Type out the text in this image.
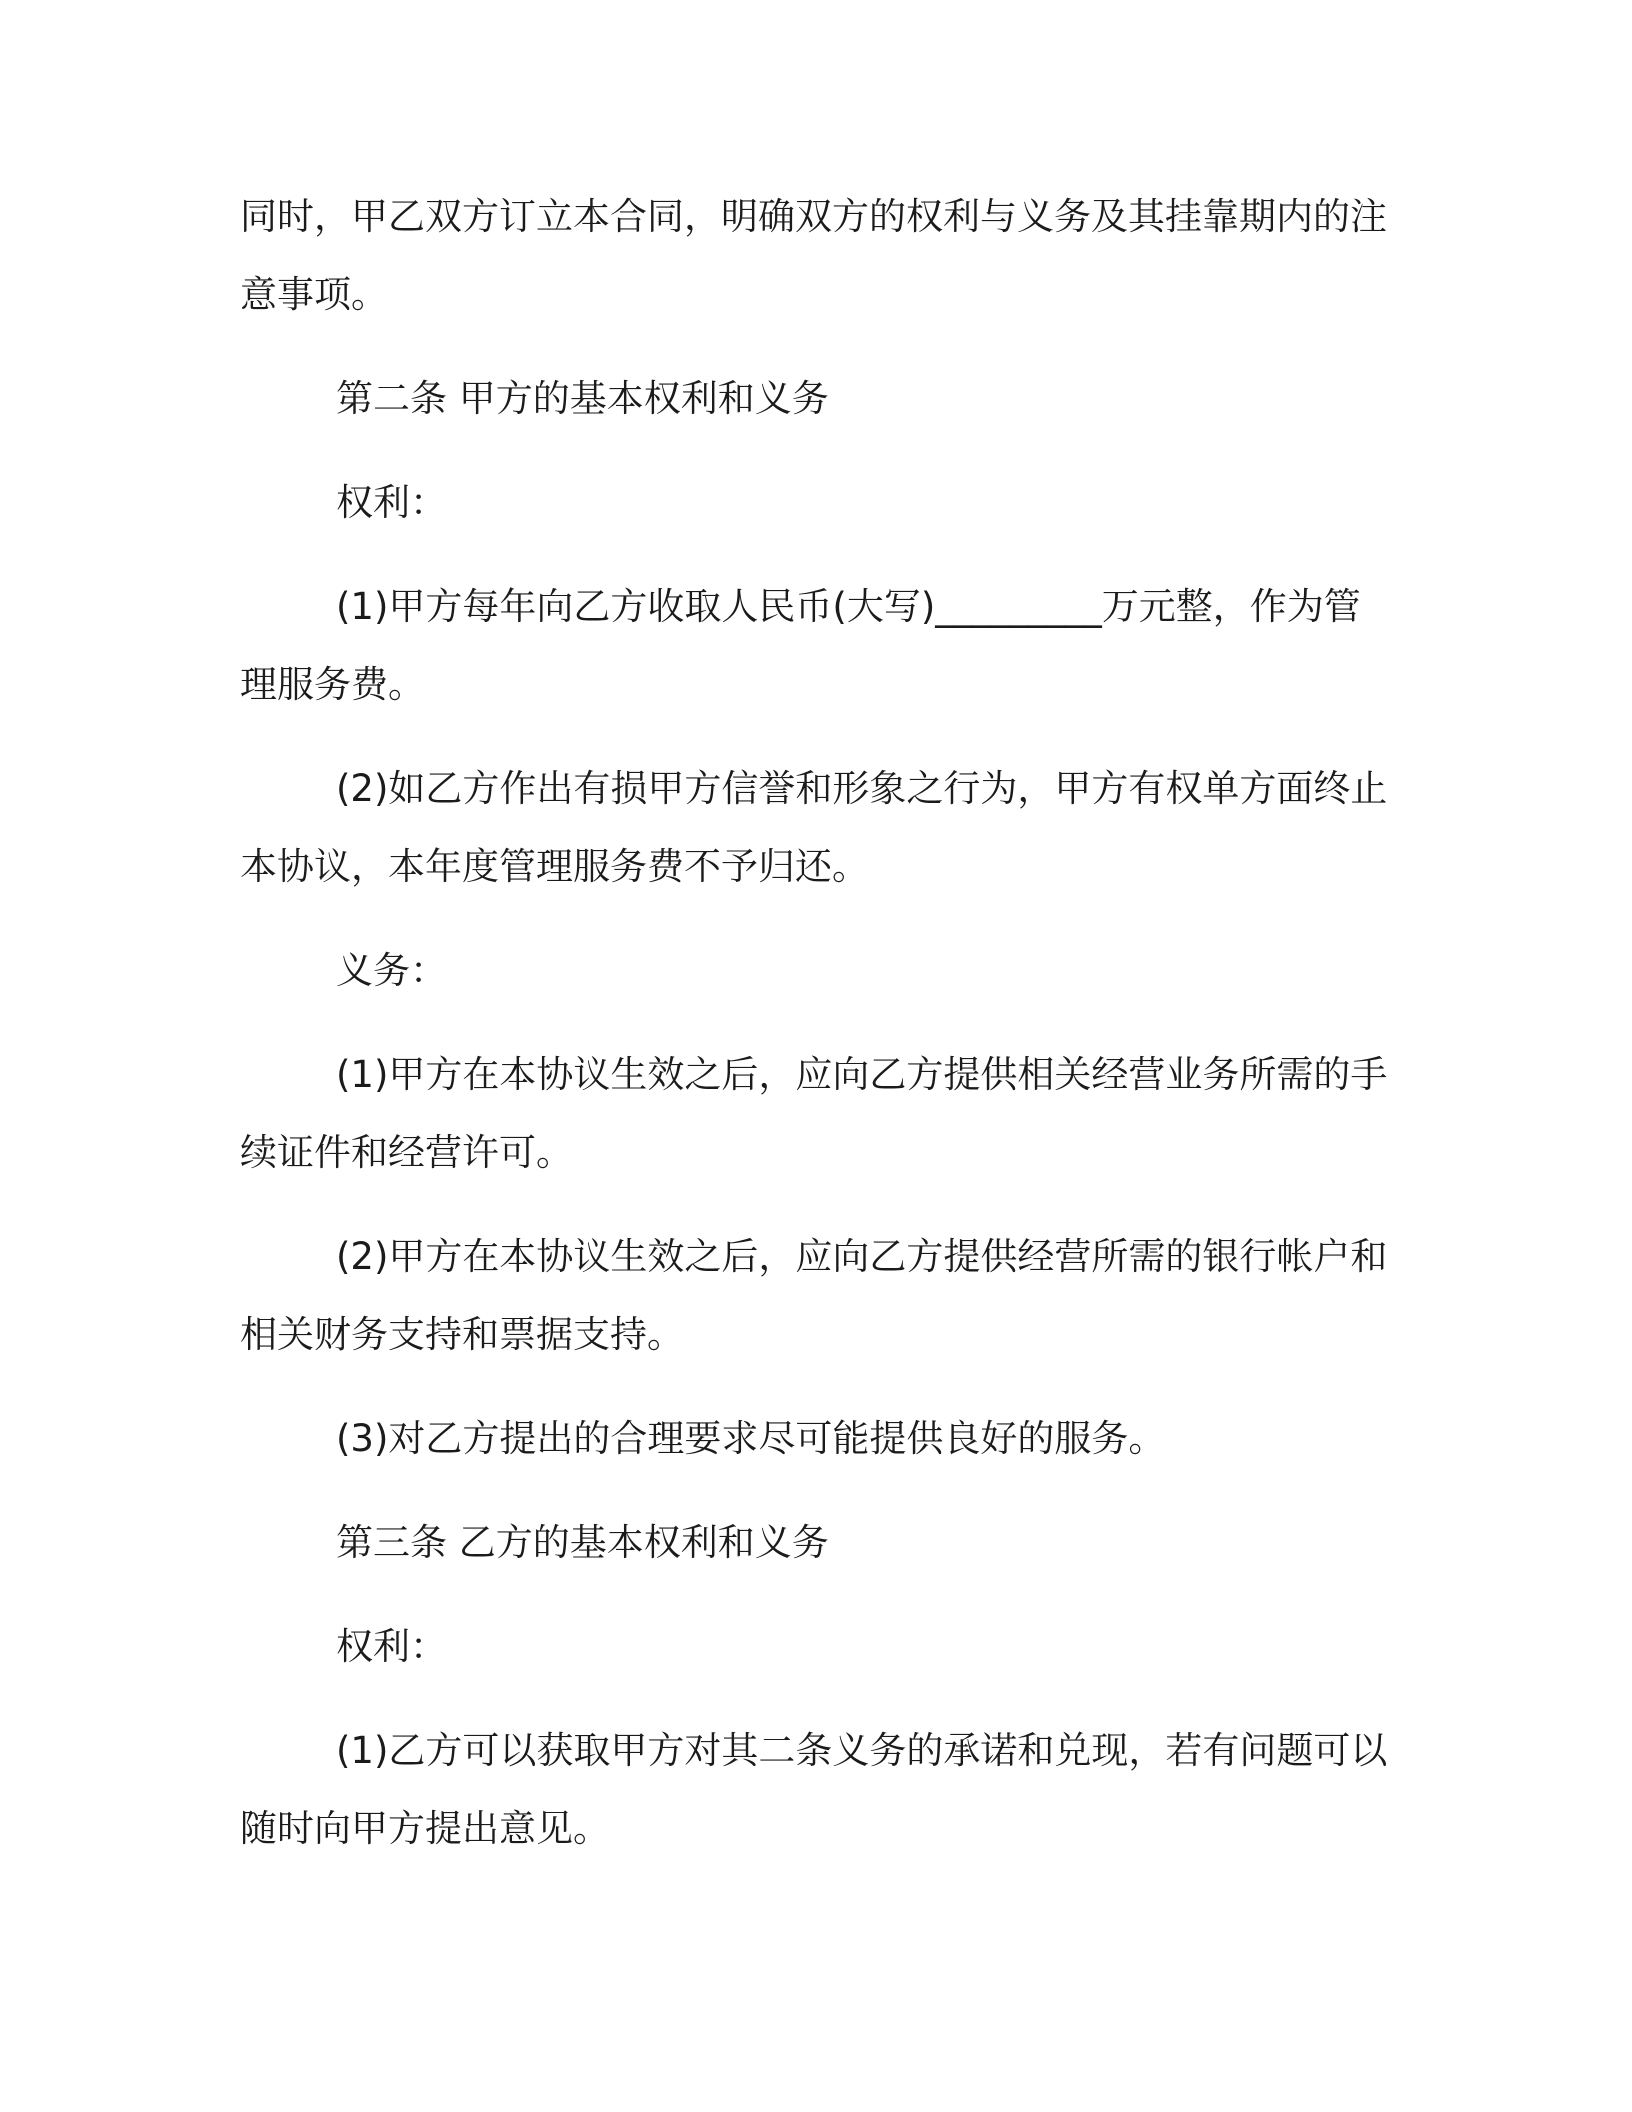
同时，甲乙双方订立本合同，明确双方的权利与义务及其挂靠期内的注意事项。

第二条 甲方的基本权利和义务

权利：

(1)甲方每年向乙方收取人民币(大写)_________万元整，作为管理服务费。

(2)如乙方作出有损甲方信誉和形象之行为，甲方有权单方面终止本协议，本年度管理服务费不予归还。

义务：

(1)甲方在本协议生效之后，应向乙方提供相关经营业务所需的手续证件和经营许可。

(2)甲方在本协议生效之后，应向乙方提供经营所需的银行帐户和相关财务支持和票据支持。

(3)对乙方提出的合理要求尽可能提供良好的服务。

第三条 乙方的基本权利和义务

权利：

(1)乙方可以获取甲方对其二条义务的承诺和兑现，若有问题可以随时向甲方提出意见。
